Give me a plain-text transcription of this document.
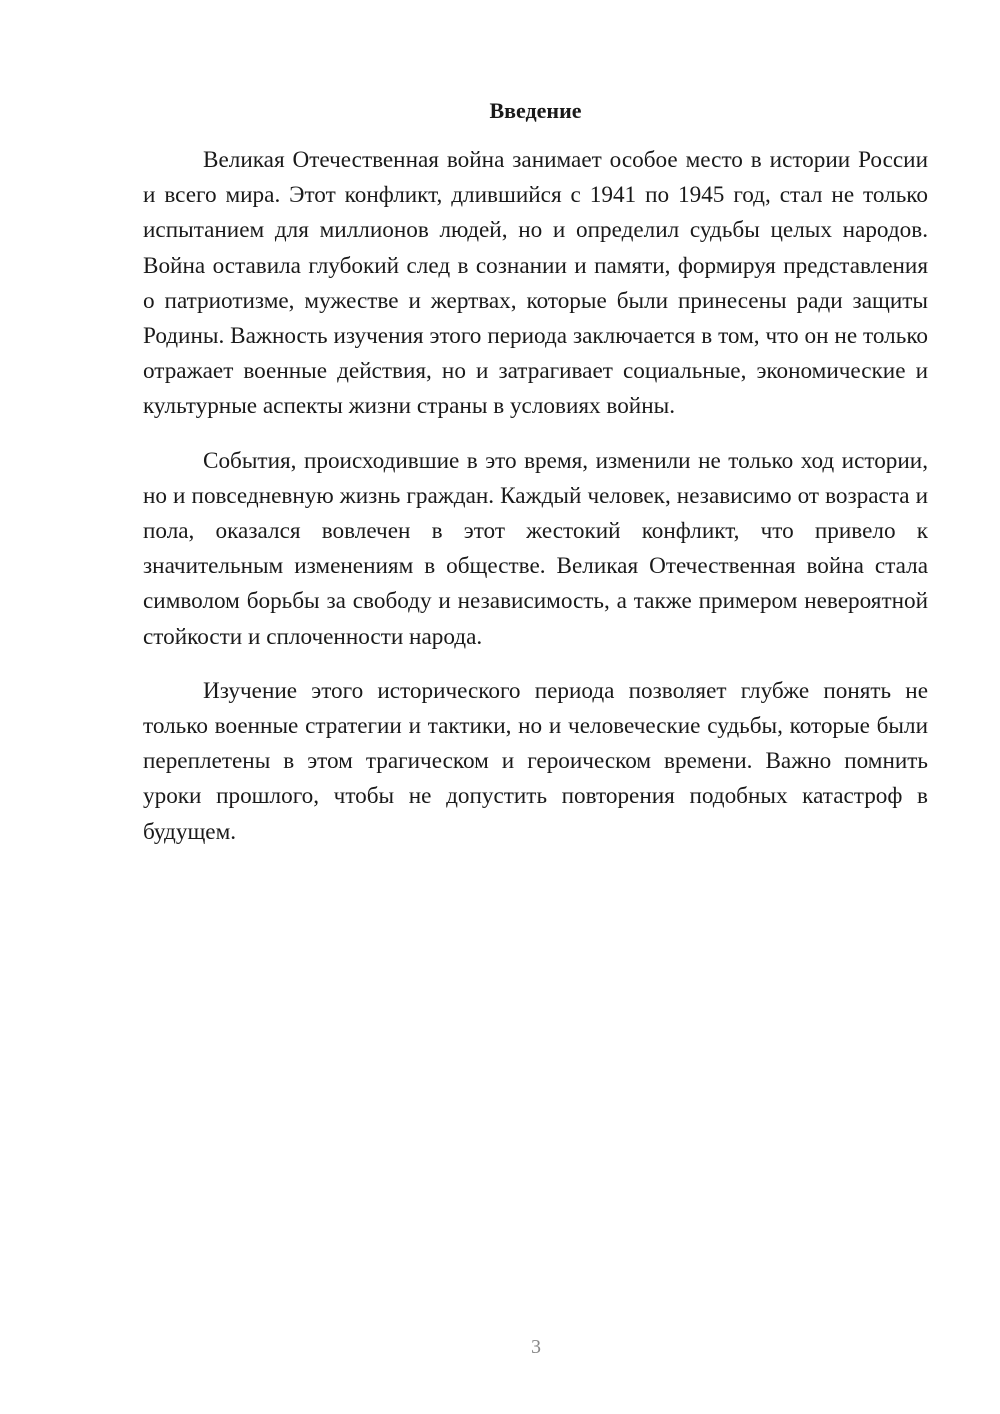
Введение

Великая Отечественная война занимает особое место в истории России и всего мира. Этот конфликт, длившийся с 1941 по 1945 год, стал не только испытанием для миллионов людей, но и определил судьбы целых народов. Война оставила глубокий след в сознании и памяти, формируя представления о патриотизме, мужестве и жертвах, которые были принесены ради защиты Родины. Важность изучения этого периода заключается в том, что он не только отражает военные действия, но и затрагивает социальные, экономические и культурные аспекты жизни страны в условиях войны.

События, происходившие в это время, изменили не только ход истории, но и повседневную жизнь граждан. Каждый человек, независимо от возраста и пола, оказался вовлечен в этот жестокий конфликт, что привело к значительным изменениям в обществе. Великая Отечественная война стала символом борьбы за свободу и независимость, а также примером невероятной стойкости и сплоченности народа.

Изучение этого исторического периода позволяет глубже понять не только военные стратегии и тактики, но и человеческие судьбы, которые были переплетены в этом трагическом и героическом времени. Важно помнить уроки прошлого, чтобы не допустить повторения подобных катастроф в будущем.

3
